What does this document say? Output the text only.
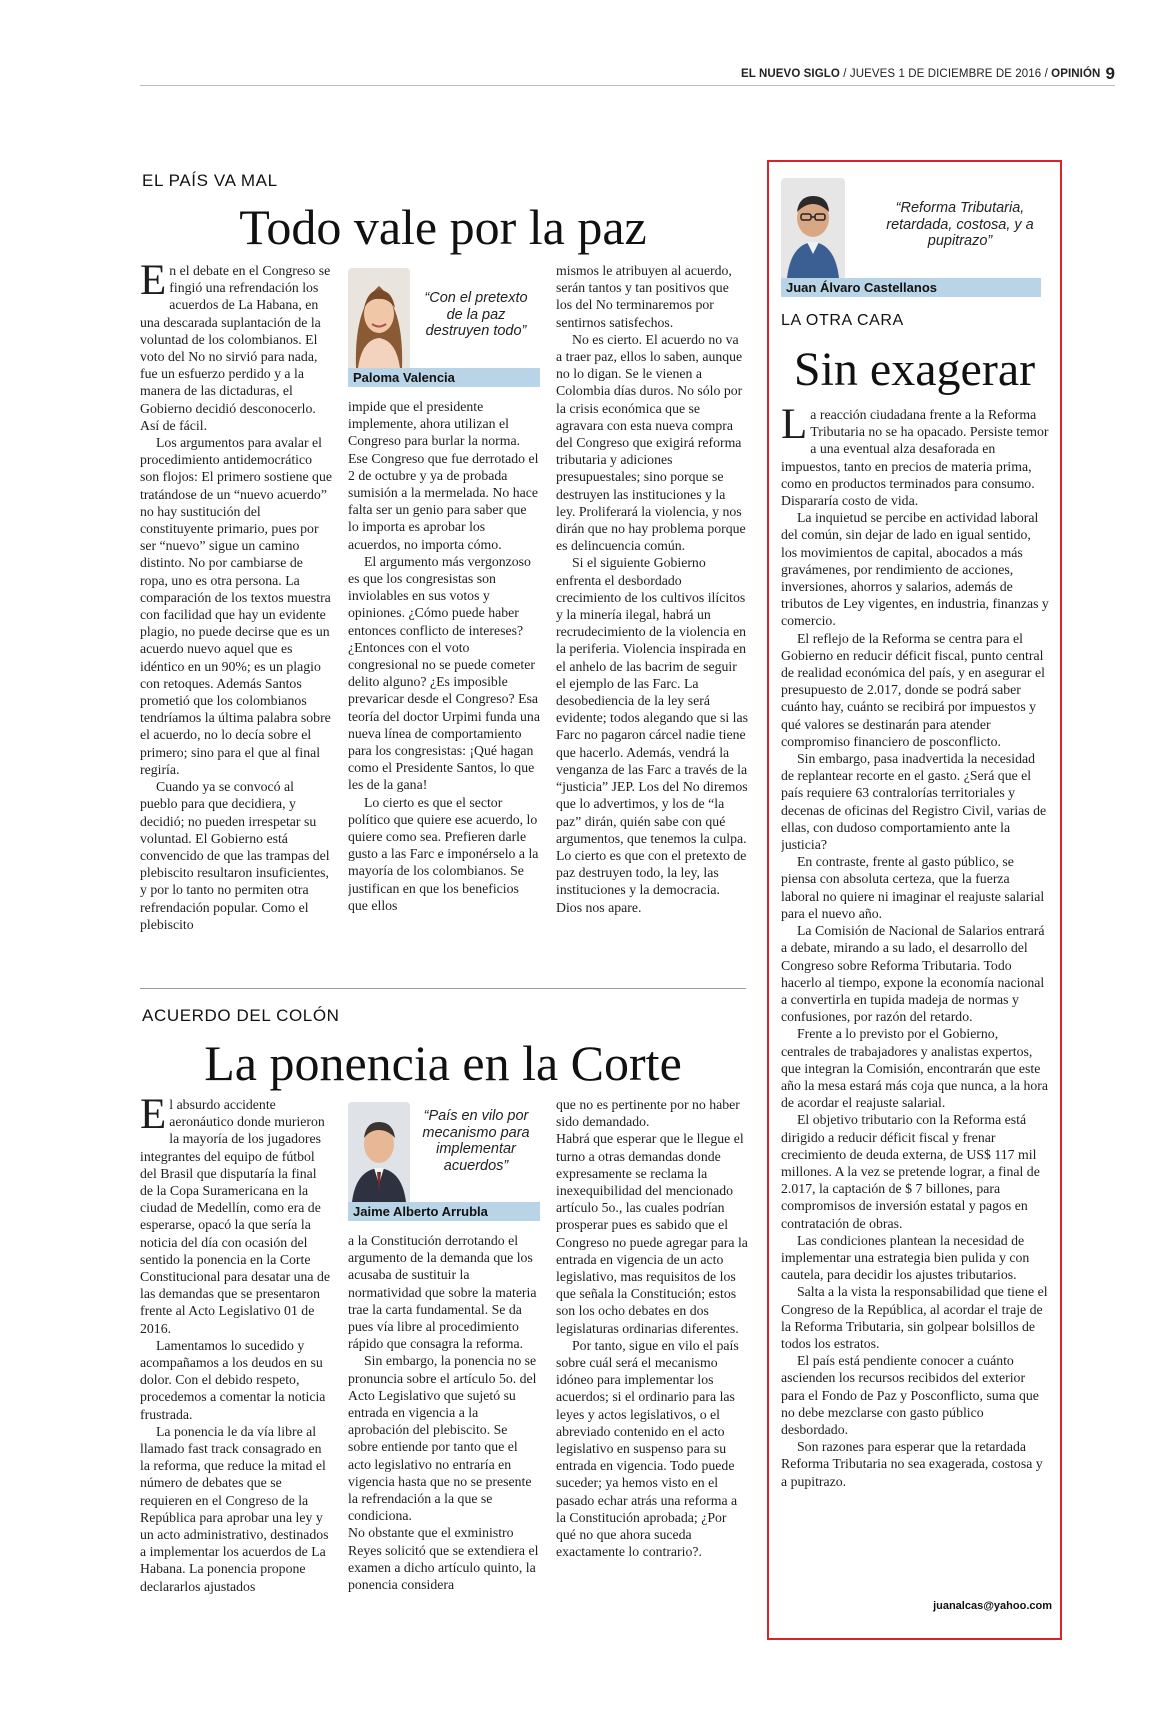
EL NUEVO SIGLO / JUEVES 1 DE DICIEMBRE DE 2016 / OPINIÓN 9
EL PAÍS VA MAL
Todo vale por la paz

En el debate en el Congreso se fingió una refrendación los acuerdos de La Habana, en una descarada suplantación de la voluntad de los colombianos. El voto del No no sirvió para nada, fue un esfuerzo perdido y a la manera de las dictaduras, el Gobierno decidió desconocerlo. Así de fácil.

Los argumentos para avalar el procedimiento antidemocrático son flojos: El primero sostiene que tratándose de un “nuevo acuerdo” no hay sustitución del constituyente primario, pues por ser “nuevo” sigue un camino distinto. No por cambiarse de ropa, uno es otra persona. La comparación de los textos muestra con facilidad que hay un evidente plagio, no puede decirse que es un acuerdo nuevo aquel que es idéntico en un 90%; es un plagio con retoques. Además Santos prometió que los colombianos tendríamos la última palabra sobre el acuerdo, no lo decía sobre el primero; sino para el que al final regiría.

Cuando ya se convocó al pueblo para que decidiera, y decidió; no pueden irrespetar su voluntad. El Gobierno está convencido de que las trampas del plebiscito resultaron insuficientes, y por lo tanto no permiten otra refrendación popular. Como el plebiscito

“Con el pretexto de la paz destruyen todo”
Paloma Valencia

impide que el presidente implemente, ahora utilizan el Congreso para burlar la norma. Ese Congreso que fue derrotado el 2 de octubre y ya de probada sumisión a la mermelada. No hace falta ser un genio para saber que lo importa es aprobar los acuerdos, no importa cómo.

El argumento más vergonzoso es que los congresistas son inviolables en sus votos y opiniones. ¿Cómo puede haber entonces conflicto de intereses? ¿Entonces con el voto congresional no se puede cometer delito alguno? ¿Es imposible prevaricar desde el Congreso? Esa teoría del doctor Urpimi funda una nueva línea de comportamiento para los congresistas: ¡Qué hagan como el Presidente Santos, lo que les de la gana!

Lo cierto es que el sector político que quiere ese acuerdo, lo quiere como sea. Prefieren darle gusto a las Farc e imponérselo a la mayoría de los colombianos. Se justifican en que los beneficios que ellos

mismos le atribuyen al acuerdo, serán tantos y tan positivos que los del No terminaremos por sentirnos satisfechos.

No es cierto. El acuerdo no va a traer paz, ellos lo saben, aunque no lo digan. Se le vienen a Colombia días duros. No sólo por la crisis económica que se agravara con esta nueva compra del Congreso que exigirá reforma tributaria y adiciones presupuestales; sino porque se destruyen las instituciones y la ley. Proliferará la violencia, y nos dirán que no hay problema porque es delincuencia común.

Si el siguiente Gobierno enfrenta el desbordado crecimiento de los cultivos ilícitos y la minería ilegal, habrá un recrudecimiento de la violencia en la periferia. Violencia inspirada en el anhelo de las bacrim de seguir el ejemplo de las Farc. La desobediencia de la ley será evidente; todos alegando que si las Farc no pagaron cárcel nadie tiene que hacerlo. Además, vendrá la venganza de las Farc a través de la “justicia” JEP. Los del No diremos que lo advertimos, y los de “la paz” dirán, quién sabe con qué argumentos, que tenemos la culpa. Lo cierto es que con el pretexto de paz destruyen todo, la ley, las instituciones y la democracia. Dios nos apare.

ACUERDO DEL COLÓN
La ponencia en la Corte

El absurdo accidente aeronáutico donde murieron la mayoría de los jugadores integrantes del equipo de fútbol del Brasil que disputaría la final de la Copa Suramericana en la ciudad de Medellín, como era de esperarse, opacó la que sería la noticia del día con ocasión del sentido la ponencia en la Corte Constitucional para desatar una de las demandas que se presentaron frente al Acto Legislativo 01 de 2016.

Lamentamos lo sucedido y acompañamos a los deudos en su dolor. Con el debido respeto, procedemos a comentar la noticia frustrada.

La ponencia le da vía libre al llamado fast track consagrado en la reforma, que reduce la mitad el número de debates que se requieren en el Congreso de la República para aprobar una ley y un acto administrativo, destinados a implementar los acuerdos de La Habana. La ponencia propone declararlos ajustados

“País en vilo por mecanismo para implementar acuerdos”
Jaime Alberto Arrubla

a la Constitución derrotando el argumento de la demanda que los acusaba de sustituir la normatividad que sobre la materia trae la carta fundamental. Se da pues vía libre al procedimiento rápido que consagra la reforma.

Sin embargo, la ponencia no se pronuncia sobre el artículo 5o. del Acto Legislativo que sujetó su entrada en vigencia a la aprobación del plebiscito. Se sobre entiende por tanto que el acto legislativo no entraría en vigencia hasta que no se presente la refrendación a la que se condiciona.

No obstante que el exministro Reyes solicitó que se extendiera el examen a dicho artículo quinto, la ponencia considera

que no es pertinente por no haber sido demandado.

Habrá que esperar que le llegue el turno a otras demandas donde expresamente se reclama la inexequibilidad del mencionado artículo 5o., las cuales podrían prosperar pues es sabido que el Congreso no puede agregar para la entrada en vigencia de un acto legislativo, mas requisitos de los que señala la Constitución; estos son los ocho debates en dos legislaturas ordinarias diferentes.

Por tanto, sigue en vilo el país sobre cuál será el mecanismo idóneo para implementar los acuerdos; si el ordinario para las leyes y actos legislativos, o el abreviado contenido en el acto legislativo en suspenso para su entrada en vigencia. Todo puede suceder; ya hemos visto en el pasado echar atrás una reforma a la Constitución aprobada; ¿Por qué no que ahora suceda exactamente lo contrario?.

“Reforma Tributaria, retardada, costosa, y a pupitrazo”
Juan Álvaro Castellanos
LA OTRA CARA
Sin exagerar

La reacción ciudadana frente a la Reforma Tributaria no se ha opacado. Persiste temor a una eventual alza desaforada en impuestos, tanto en precios de materia prima, como en productos terminados para consumo. Dispararía costo de vida.

La inquietud se percibe en actividad laboral del común, sin dejar de lado en igual sentido, los movimientos de capital, abocados a más gravámenes, por rendimiento de acciones, inversiones, ahorros y salarios, además de tributos de Ley vigentes, en industria, finanzas y comercio.

El reflejo de la Reforma se centra para el Gobierno en reducir déficit fiscal, punto central de realidad económica del país, y en asegurar el presupuesto de 2.017, donde se podrá saber cuánto hay, cuánto se recibirá por impuestos y qué valores se destinarán para atender compromiso financiero de posconflicto.

Sin embargo, pasa inadvertida la necesidad de replantear recorte en el gasto. ¿Será que el país requiere 63 contralorías territoriales y decenas de oficinas del Registro Civil, varias de ellas, con dudoso comportamiento ante la justicia?

En contraste, frente al gasto público, se piensa con absoluta certeza, que la fuerza laboral no quiere ni imaginar el reajuste salarial para el nuevo año.

La Comisión de Nacional de Salarios entrará a debate, mirando a su lado, el desarrollo del Congreso sobre Reforma Tributaria. Todo hacerlo al tiempo, expone la economía nacional a convertirla en tupida madeja de normas y confusiones, por razón del retardo.

Frente a lo previsto por el Gobierno, centrales de trabajadores y analistas expertos, que integran la Comisión, encontrarán que este año la mesa estará más coja que nunca, a la hora de acordar el reajuste salarial.

El objetivo tributario con la Reforma está dirigido a reducir déficit fiscal y frenar crecimiento de deuda externa, de US$ 117 mil millones. A la vez se pretende lograr, a final de 2.017, la captación de $ 7 billones, para compromisos de inversión estatal y pagos en contratación de obras.

Las condiciones plantean la necesidad de implementar una estrategia bien pulida y con cautela, para decidir los ajustes tributarios.

Salta a la vista la responsabilidad que tiene el Congreso de la República, al acordar el traje de la Reforma Tributaria, sin golpear bolsillos de todos los estratos.

El país está pendiente conocer a cuánto ascienden los recursos recibidos del exterior para el Fondo de Paz y Posconflicto, suma que no debe mezclarse con gasto público desbordado.

Son razones para esperar que la retardada Reforma Tributaria no sea exagerada, costosa y a pupitrazo.

juanalcas@yahoo.com
